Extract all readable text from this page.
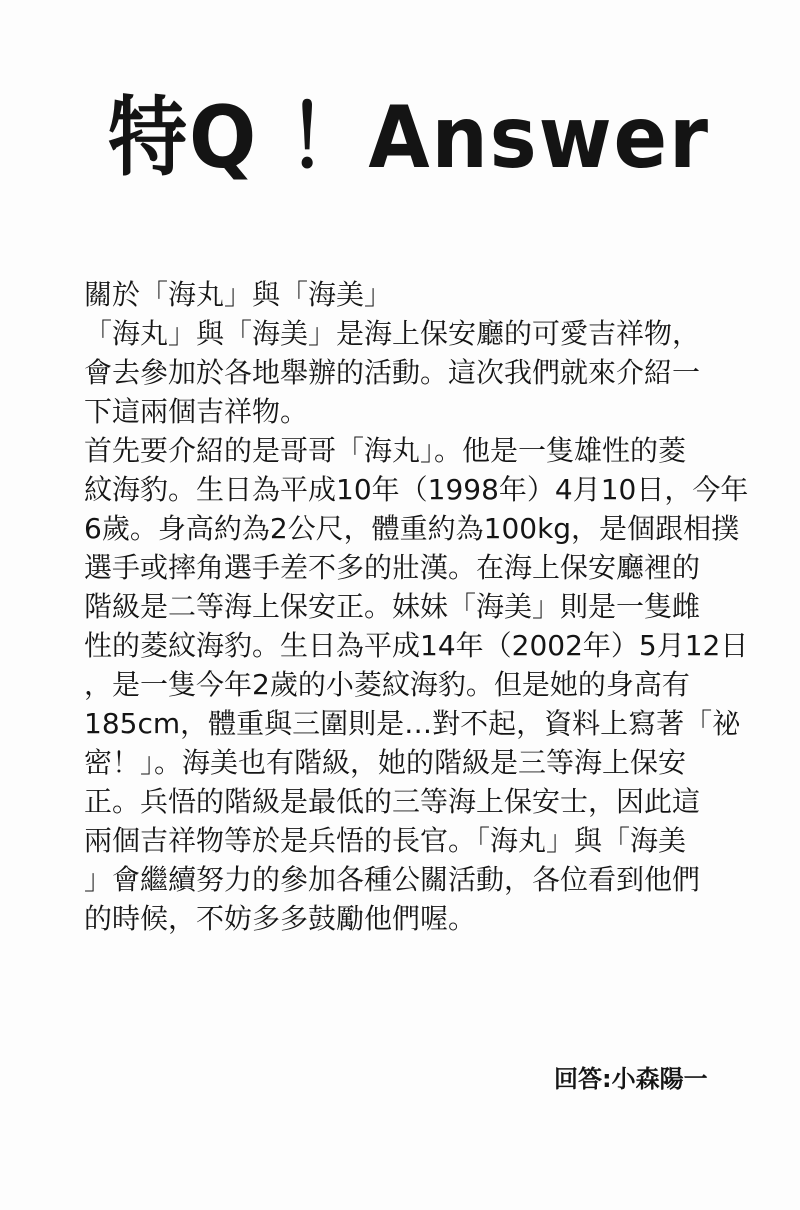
特Q ！Answer
關於「海丸」與「海美」
「海丸」與「海美」是海上保安廳的可愛吉祥物，
會去參加於各地舉辦的活動。這次我們就來介紹一
下這兩個吉祥物。
首先要介紹的是哥哥「海丸」。他是一隻雄性的菱
紋海豹。生日為平成10年（1998年）4月10日，今年
6歲。身高約為2公尺，體重約為100kg，是個跟相撲
選手或摔角選手差不多的壯漢。在海上保安廳裡的
階級是二等海上保安正。妹妹「海美」則是一隻雌
性的菱紋海豹。生日為平成14年（2002年）5月12日
，是一隻今年2歲的小菱紋海豹。但是她的身高有
185cm，體重與三圍則是…對不起，資料上寫著「祕
密！」。海美也有階級，她的階級是三等海上保安
正。兵悟的階級是最低的三等海上保安士，因此這
兩個吉祥物等於是兵悟的長官。「海丸」與「海美
」會繼續努力的參加各種公關活動，各位看到他們
的時候，不妨多多鼓勵他們喔。
回答:小森陽一
